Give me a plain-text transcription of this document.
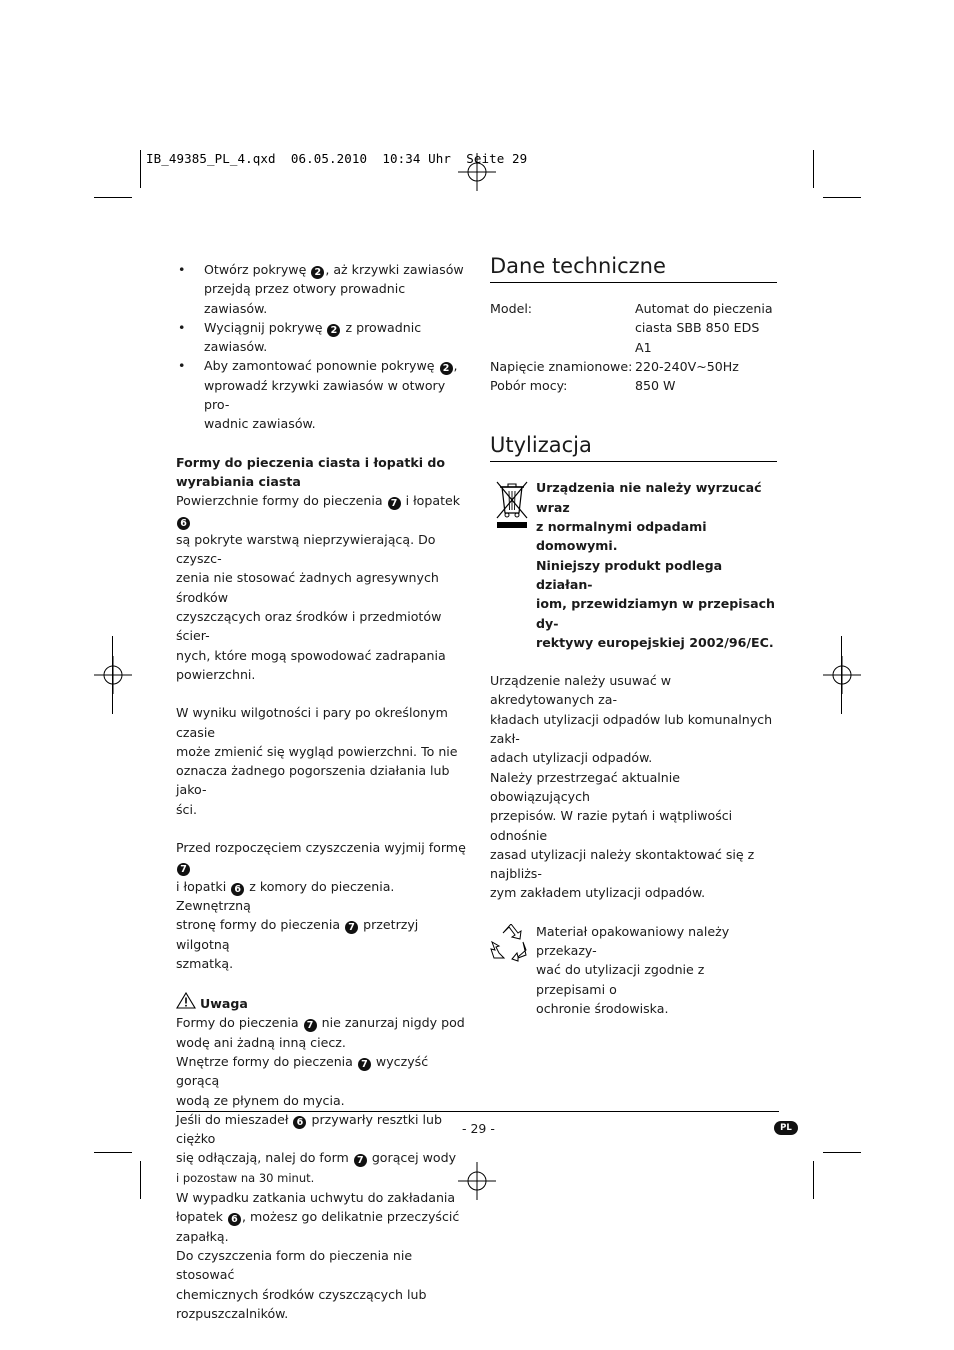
IB_49385_PL_4.qxd  06.05.2010  10:34 Uhr  Seite 29
• Otwórz pokrywę 2 , aż krzywki zawiasów
przejdą przez otwory prowadnic zawiasów.
• Wyciągnij pokrywę 2 z prowadnic zawiasów.
• Aby zamontować ponownie pokrywę 2 ,
wprowadź krzywki zawiasów w otwory pro-
wadnic zawiasów.

Formy do pieczenia ciasta i łopatki do
wyrabiania ciasta

Powierzchnie formy do pieczenia 7 i łopatek 6
są pokryte warstwą nieprzywierającą. Do czyszc-
zenia nie stosować żadnych agresywnych środków
czyszczących oraz środków i przedmiotów ścier-
nych, które mogą spowodować zadrapania
powierzchni.

W wyniku wilgotności i pary po określonym czasie
może zmienić się wygląd powierzchni. To nie
oznacza żadnego pogorszenia działania lub jako-
ści.

Przed rozpoczęciem czyszczenia wyjmij formę 7
i łopatki 6 z komory do pieczenia. Zewnętrzną
stronę formy do pieczenia 7 przetrzyj wilgotną
szmatką.

Uwaga

Formy do pieczenia 7 nie zanurzaj nigdy pod
wodę ani żadną inną ciecz.
Wnętrze formy do pieczenia 7 wyczyść gorącą
wodą ze płynem do mycia.
Jeśli do mieszadeł 6 przywarły resztki lub ciężko
się odłączają, nalej do form 7 gorącej wody
i pozostaw na 30 minut.
W wypadku zatkania uchwytu do zakładania
łopatek 6 , możesz go delikatnie przeczyścić
zapałką.
Do czyszczenia form do pieczenia nie stosować
chemicznych środków czyszczących lub
rozpuszczalników.

Dane techniczne
Model:	Automat do pieczenia
ciasta SBB 850 EDS A1
Napięcie znamionowe: 220-240V~50Hz
Pobór mocy:	850 W
Utylizacja
Urządzenia nie należy wyrzucać wraz
z normalnymi odpadami domowymi.
Niniejszy produkt podlega działan-
iom, przewidziamyn w przepisach dy-
rektywy europejskiej 2002/96/EC.

Urządzenie należy usuwać w akredytowanych za-
kładach utylizacji odpadów lub komunalnych zakł-
adach utylizacji odpadów.
Należy przestrzegać aktualnie obowiązujących
przepisów. W razie pytań i wątpliwości odnośnie
zasad utylizacji należy skontaktować się z najbliżs-
zym zakładem utylizacji odpadów.

Materiał opakowaniowy należy przekazy-
wać do utylizacji zgodnie z przepisami o
ochronie środowiska.
- 29 -	PL
